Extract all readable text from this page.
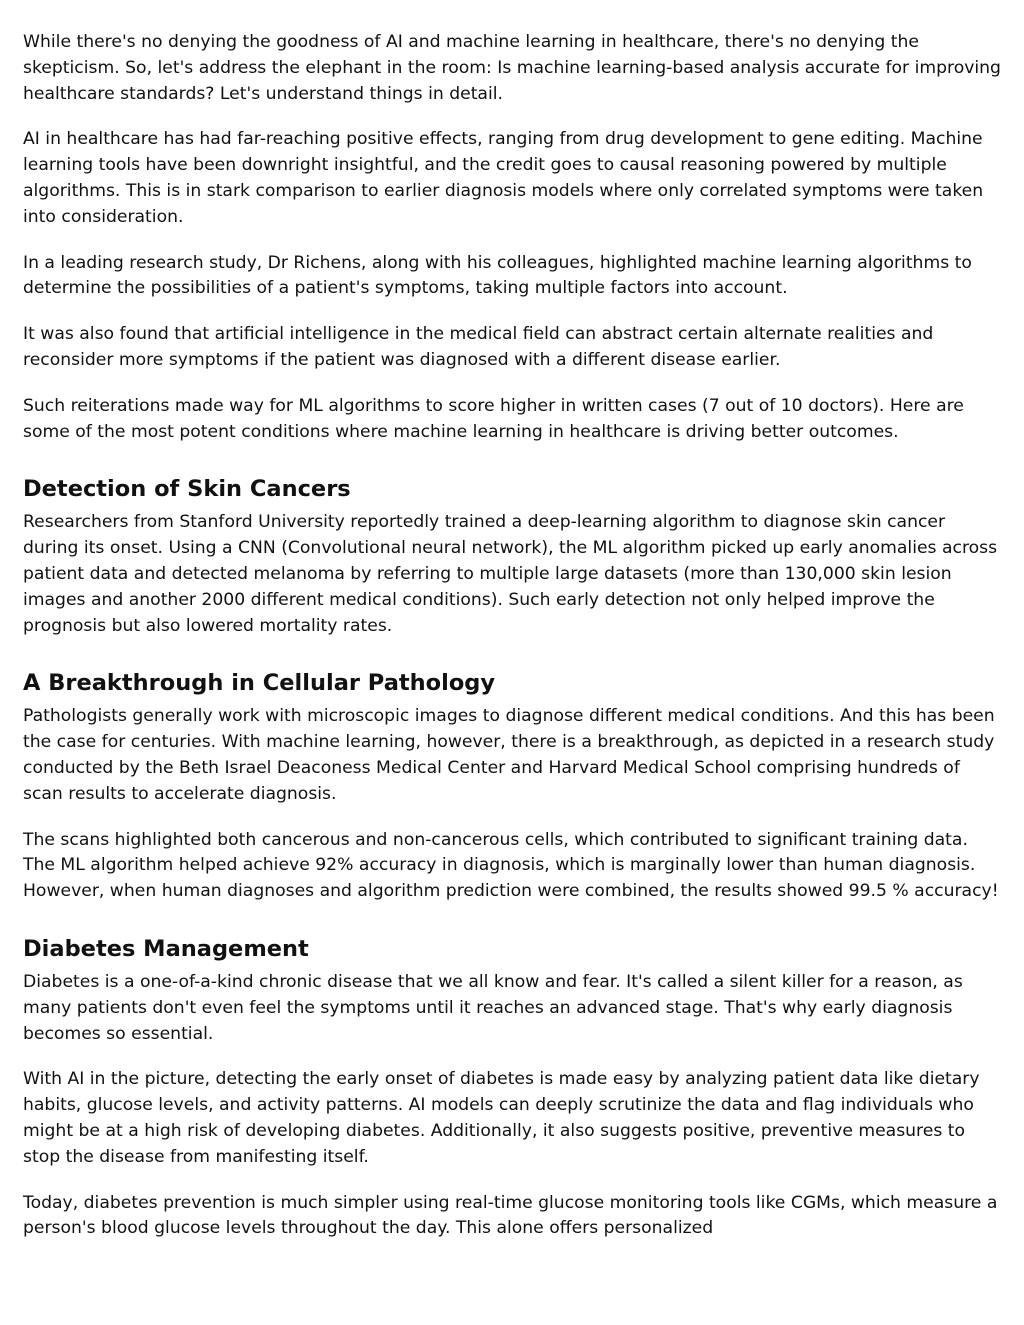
While there's no denying the goodness of AI and machine learning in healthcare, there's no denying the skepticism. So, let's address the elephant in the room: Is machine learning-based analysis accurate for improving healthcare standards? Let's understand things in detail.

AI in healthcare has had far-reaching positive effects, ranging from drug development to gene editing. Machine learning tools have been downright insightful, and the credit goes to causal reasoning powered by multiple algorithms. This is in stark comparison to earlier diagnosis models where only correlated symptoms were taken into consideration.

In a leading research study, Dr Richens, along with his colleagues, highlighted machine learning algorithms to determine the possibilities of a patient's symptoms, taking multiple factors into account.

It was also found that artificial intelligence in the medical field can abstract certain alternate realities and reconsider more symptoms if the patient was diagnosed with a different disease earlier.

Such reiterations made way for ML algorithms to score higher in written cases (7 out of 10 doctors). Here are some of the most potent conditions where machine learning in healthcare is driving better outcomes.

Detection of Skin Cancers

Researchers from Stanford University reportedly trained a deep-learning algorithm to diagnose skin cancer during its onset. Using a CNN (Convolutional neural network), the ML algorithm picked up early anomalies across patient data and detected melanoma by referring to multiple large datasets (more than 130,000 skin lesion images and another 2000 different medical conditions). Such early detection not only helped improve the prognosis but also lowered mortality rates.

A Breakthrough in Cellular Pathology

Pathologists generally work with microscopic images to diagnose different medical conditions. And this has been the case for centuries. With machine learning, however, there is a breakthrough, as depicted in a research study conducted by the Beth Israel Deaconess Medical Center and Harvard Medical School comprising hundreds of scan results to accelerate diagnosis.

The scans highlighted both cancerous and non-cancerous cells, which contributed to significant training data. The ML algorithm helped achieve 92% accuracy in diagnosis, which is marginally lower than human diagnosis. However, when human diagnoses and algorithm prediction were combined, the results showed 99.5 % accuracy!

Diabetes Management

Diabetes is a one-of-a-kind chronic disease that we all know and fear. It's called a silent killer for a reason, as many patients don't even feel the symptoms until it reaches an advanced stage. That's why early diagnosis becomes so essential.

With AI in the picture, detecting the early onset of diabetes is made easy by analyzing patient data like dietary habits, glucose levels, and activity patterns. AI models can deeply scrutinize the data and flag individuals who might be at a high risk of developing diabetes. Additionally, it also suggests positive, preventive measures to stop the disease from manifesting itself.

Today, diabetes prevention is much simpler using real-time glucose monitoring tools like CGMs, which measure a person's blood glucose levels throughout the day. This alone offers personalized
